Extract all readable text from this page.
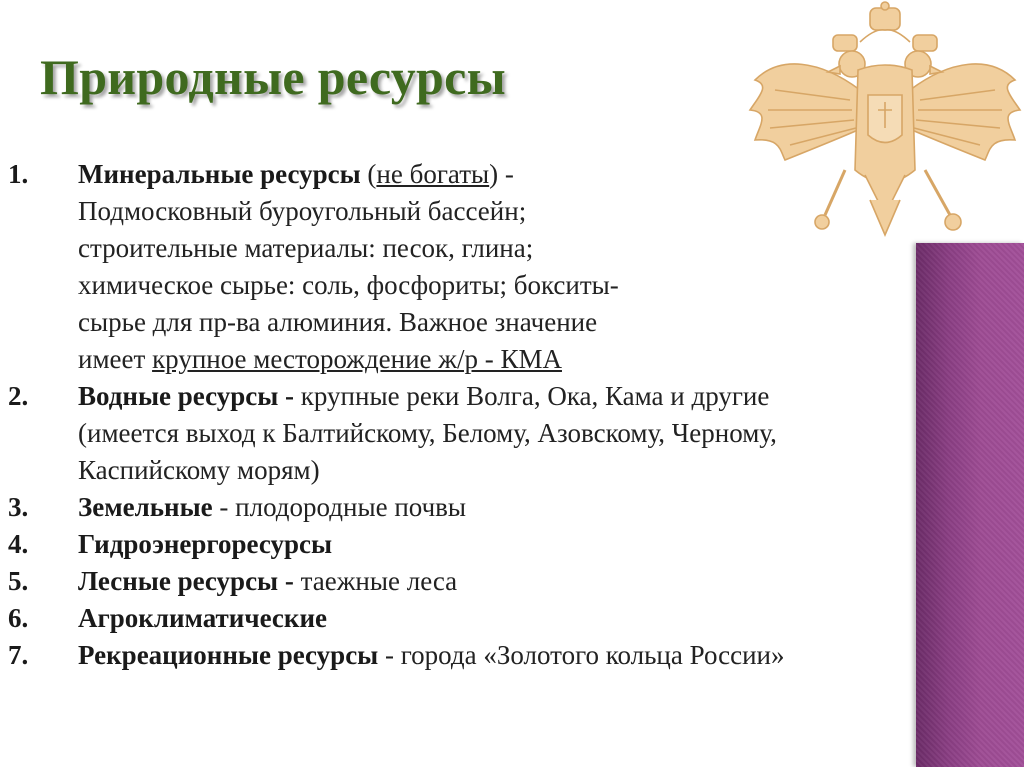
Природные ресурсы
1.	Минеральные ресурсы (не богаты) -
Подмосковный буроугольный бассейн;
строительные материалы: песок, глина;
химическое сырье: соль, фосфориты; бокситы-
сырье для пр-ва алюминия. Важное значение
имеет крупное месторождение ж/р - КМА
2.	Водные ресурсы - крупные реки Волга, Ока, Кама и другие (имеется выход к Балтийскому, Белому, Азовскому, Черному, Каспийскому морям)
3.	Земельные - плодородные почвы
4.	Гидроэнергоресурсы
5.	Лесные ресурсы - таежные леса
6.	Агроклиматические
7.	Рекреационные ресурсы - города «Золотого кольца России»
